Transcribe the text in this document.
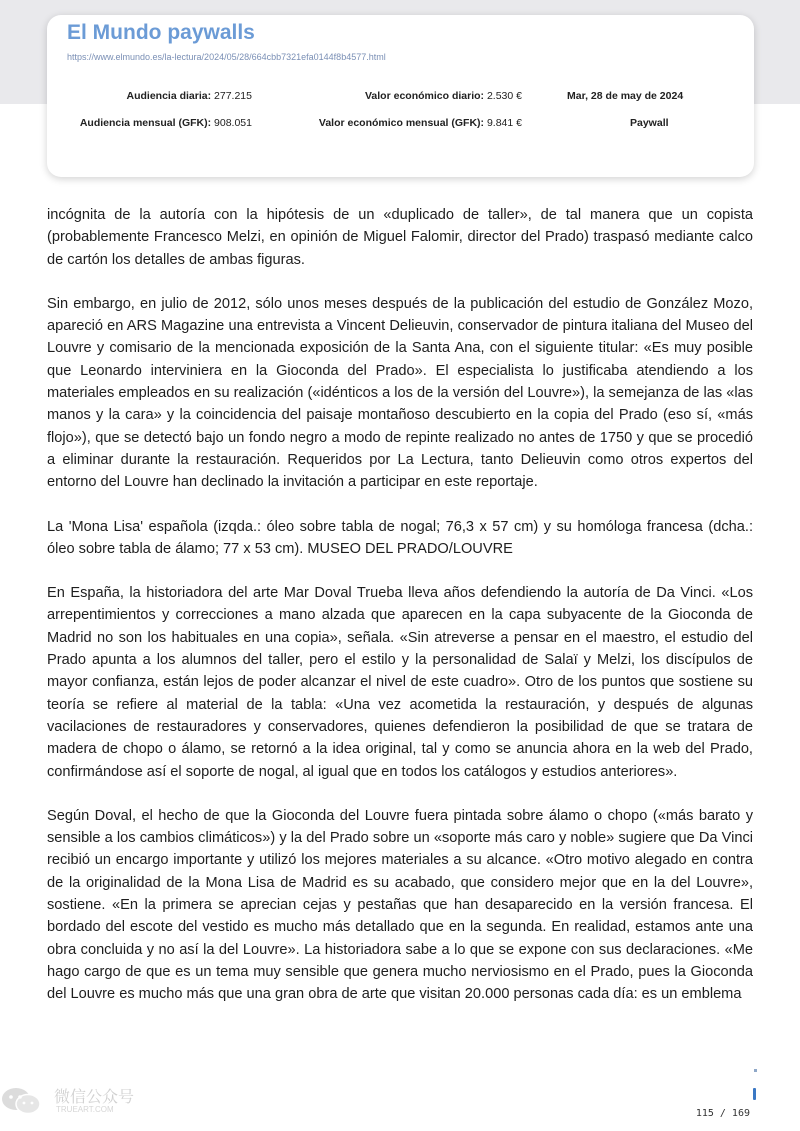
El Mundo paywalls
https://www.elmundo.es/la-lectura/2024/05/28/664cbb7321efa0144f8b4577.html
Audiencia diaria: 277.215	Valor económico diario: 2.530 €	Mar, 28 de may de 2024
Audiencia mensual (GFK): 908.051	Valor económico mensual (GFK): 9.841 €	Paywall

incógnita de la autoría con la hipótesis de un «duplicado de taller», de tal manera que un copista (probablemente Francesco Melzi, en opinión de Miguel Falomir, director del Prado) traspasó mediante calco de cartón los detalles de ambas figuras.

Sin embargo, en julio de 2012, sólo unos meses después de la publicación del estudio de González Mozo, apareció en ARS Magazine una entrevista a Vincent Delieuvin, conservador de pintura italiana del Museo del Louvre y comisario de la mencionada exposición de la Santa Ana, con el siguiente titular: «Es muy posible que Leonardo interviniera en la Gioconda del Prado». El especialista lo justificaba atendiendo a los materiales empleados en su realización («idénticos a los de la versión del Louvre»), la semejanza de las «las manos y la cara» y la coincidencia del paisaje montañoso descubierto en la copia del Prado (eso sí, «más flojo»), que se detectó bajo un fondo negro a modo de repinte realizado no antes de 1750 y que se procedió a eliminar durante la restauración. Requeridos por La Lectura, tanto Delieuvin como otros expertos del entorno del Louvre han declinado la invitación a participar en este reportaje.

La 'Mona Lisa' española (izqda.: óleo sobre tabla de nogal; 76,3 x 57 cm) y su homóloga francesa (dcha.: óleo sobre tabla de álamo; 77 x 53 cm). MUSEO DEL PRADO/LOUVRE

En España, la historiadora del arte Mar Doval Trueba lleva años defendiendo la autoría de Da Vinci. «Los arrepentimientos y correcciones a mano alzada que aparecen en la capa subyacente de la Gioconda de Madrid no son los habituales en una copia», señala. «Sin atreverse a pensar en el maestro, el estudio del Prado apunta a los alumnos del taller, pero el estilo y la personalidad de Salaï y Melzi, los discípulos de mayor confianza, están lejos de poder alcanzar el nivel de este cuadro». Otro de los puntos que sostiene su teoría se refiere al material de la tabla: «Una vez acometida la restauración, y después de algunas vacilaciones de restauradores y conservadores, quienes defendieron la posibilidad de que se tratara de madera de chopo o álamo, se retornó a la idea original, tal y como se anuncia ahora en la web del Prado, confirmándose así el soporte de nogal, al igual que en todos los catálogos y estudios anteriores».

Según Doval, el hecho de que la Gioconda del Louvre fuera pintada sobre álamo o chopo («más barato y sensible a los cambios climáticos») y la del Prado sobre un «soporte más caro y noble» sugiere que Da Vinci recibió un encargo importante y utilizó los mejores materiales a su alcance. «Otro motivo alegado en contra de la originalidad de la Mona Lisa de Madrid es su acabado, que considero mejor que en la del Louvre», sostiene. «En la primera se aprecian cejas y pestañas que han desaparecido en la versión francesa. El bordado del escote del vestido es mucho más detallado que en la segunda. En realidad, estamos ante una obra concluida y no así la del Louvre». La historiadora sabe a lo que se expone con sus declaraciones. «Me hago cargo de que es un tema muy sensible que genera mucho nerviosismo en el Prado, pues la Gioconda del Louvre es mucho más que una gran obra de arte que visitan 20.000 personas cada día: es un emblema

微信公众号
TRUEART.COM	115 / 169
